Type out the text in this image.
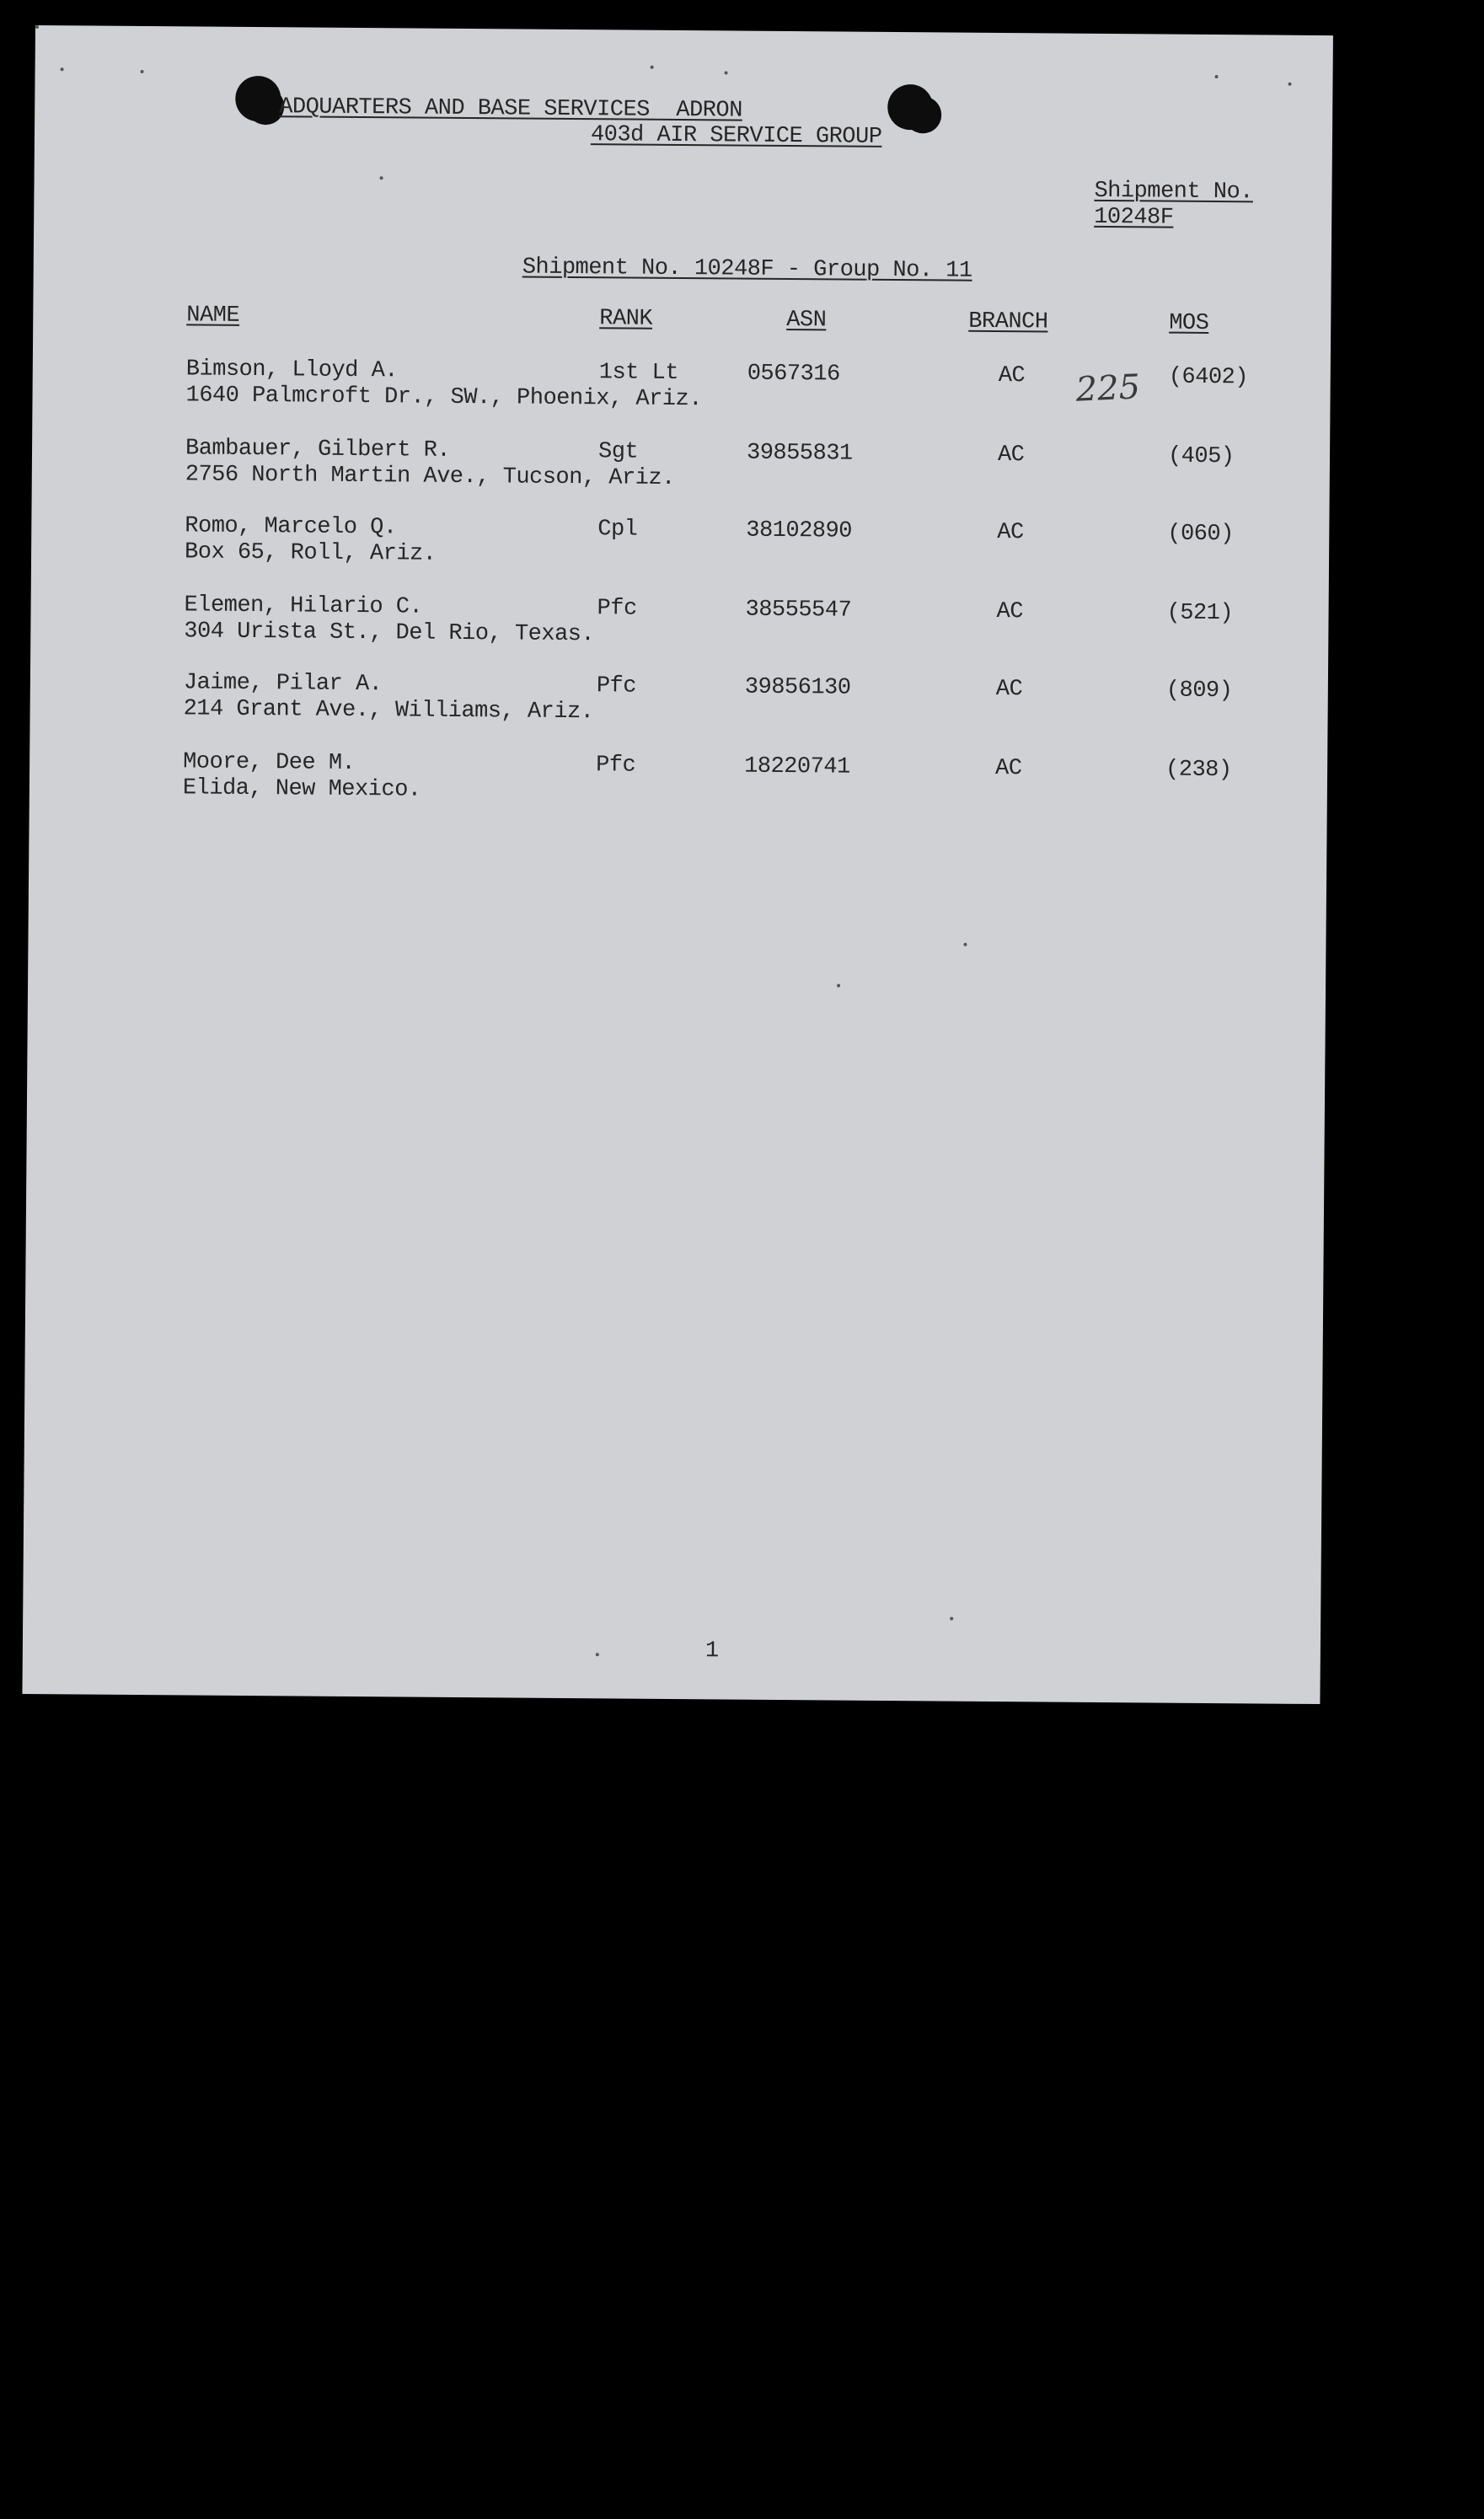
ADQUARTERS AND BASE SERVICES  ADRON
403d AIR SERVICE GROUP
Shipment No.
10248F
Shipment No. 10248F - Group No. 11
NAME	RANK	ASN	BRANCH	MOS
Bimson, Lloyd A.
1640 Palmcroft Dr., SW., Phoenix, Ariz.
1st Lt	0567316	AC	(6402)
Bambauer, Gilbert R.
2756 North Martin Ave., Tucson, Ariz.
Sgt	39855831	AC	(405)
Romo, Marcelo Q.
Box 65, Roll, Ariz.
Cpl	38102890	AC	(060)
Elemen, Hilario C.
304 Urista St., Del Rio, Texas.
Pfc	38555547	AC	(521)
Jaime, Pilar A.
214 Grant Ave., Williams, Ariz.
Pfc	39856130	AC	(809)
Moore, Dee M.
Elida, New Mexico.
Pfc	18220741	AC	(238)
225
1
